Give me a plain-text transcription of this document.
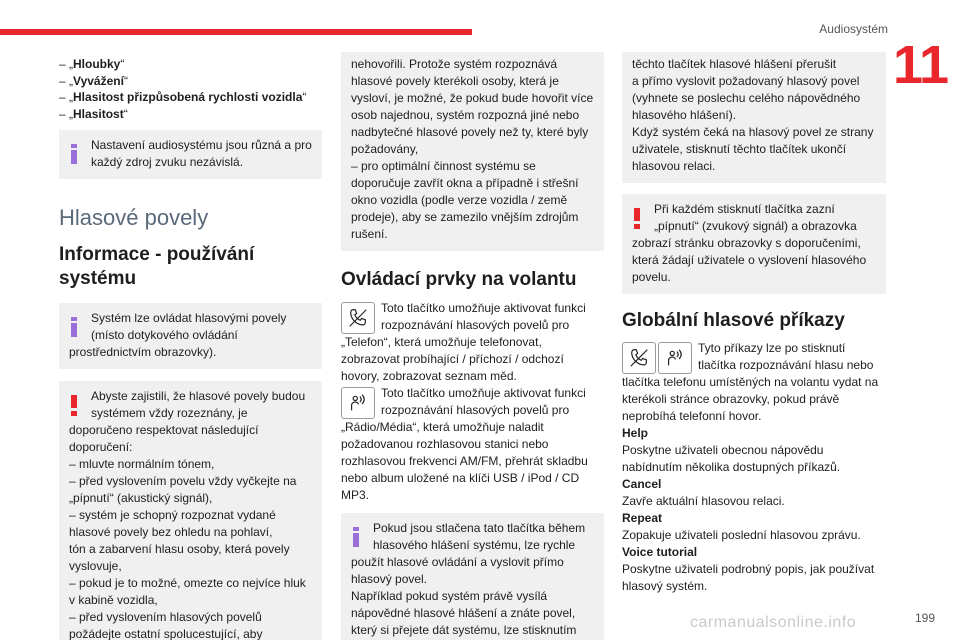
Audiosystém
11
– „Hloubky“
– „Vyvážení“
– „Hlasitost přizpůsobená rychlosti vozidla“
– „Hlasitost“
Nastavení audiosystému jsou různá a pro každý zdroj zvuku nezávislá.
Hlasové povely
Informace - používání systému
Systém lze ovládat hlasovými povely (místo dotykového ovládání
prostřednictvím obrazovky).
Abyste zajistili, že hlasové povely budou
systémem vždy rozeznány, je
doporučeno respektovat následující
doporučení:
– mluvte normálním tónem,
– před vyslovením povelu vždy vyčkejte na
„pípnutí“ (akustický signál),
– systém je schopný rozpoznat vydané
hlasové povely bez ohledu na pohlaví,
tón a zabarvení hlasu osoby, která povely
vyslovuje,
– pokud je to možné, omezte co nejvíce hluk
v kabině vozidla,
– před vyslovením hlasových povelů
požádejte ostatní spolucestující, aby
nehovořili. Protože systém rozpoznává
hlasové povely kterékoli osoby, která je
vysloví, je možné, že pokud bude hovořit více
osob najednou, systém rozpozná jiné nebo
nadbytečné hlasové povely než ty, které byly
požadovány,
– pro optimální činnost systému se
doporučuje zavřít okna a případně i střešní
okno vozidla (podle verze vozidla / země
prodeje), aby se zamezilo vnějším zdrojům
rušení.
Ovládací prvky na volantu
Toto tlačítko umožňuje aktivovat funkci
rozpoznávání hlasových povelů pro
„Telefon“, která umožňuje telefonovat,
zobrazovat probíhající / příchozí / odchozí
hovory, zobrazovat seznam měd.
Toto tlačítko umožňuje aktivovat funkci
rozpoznávání hlasových povelů pro
„Rádio/Média“, která umožňuje naladit
požadovanou rozhlasovou stanici nebo
rozhlasovou frekvenci AM/FM, přehrát skladbu
nebo album uložené na klíči USB / iPod / CD
MP3.
Pokud jsou stlačena tato tlačítka během
hlasového hlášení systému, lze rychle
použít hlasové ovládání a vyslovit přímo
hlasový povel.
Například pokud systém právě vysílá
nápovědné hlasové hlášení a znáte povel,
který si přejete dát systému, lze stisknutím
těchto tlačítek hlasové hlášení přerušit
a přímo vyslovit požadovaný hlasový povel
(vyhnete se poslechu celého nápovědného
hlasového hlášení).
Když systém čeká na hlasový povel ze strany
uživatele, stisknutí těchto tlačítek ukončí
hlasovou relaci.
Při každém stisknutí tlačítka zazní
„pípnutí“ (zvukový signál) a obrazovka
zobrazí stránku obrazovky s doporučeními,
která žádají uživatele o vyslovení hlasového
povelu.
Globální hlasové příkazy
Tyto příkazy lze po stisknutí
tlačítka rozpoznávání hlasu nebo
tlačítka telefonu umístěných na volantu vydat na
kterékoli stránce obrazovky, pokud právě
neprobíhá telefonní hovor.
Help
Poskytne uživateli obecnou nápovědu
nabídnutím několika dostupných příkazů.
Cancel
Zavře aktuální hlasovou relaci.
Repeat
Zopakuje uživateli poslední hlasovou zprávu.
Voice tutorial
Poskytne uživateli podrobný popis, jak používat
hlasový systém.
carmanualsonline.info	199
